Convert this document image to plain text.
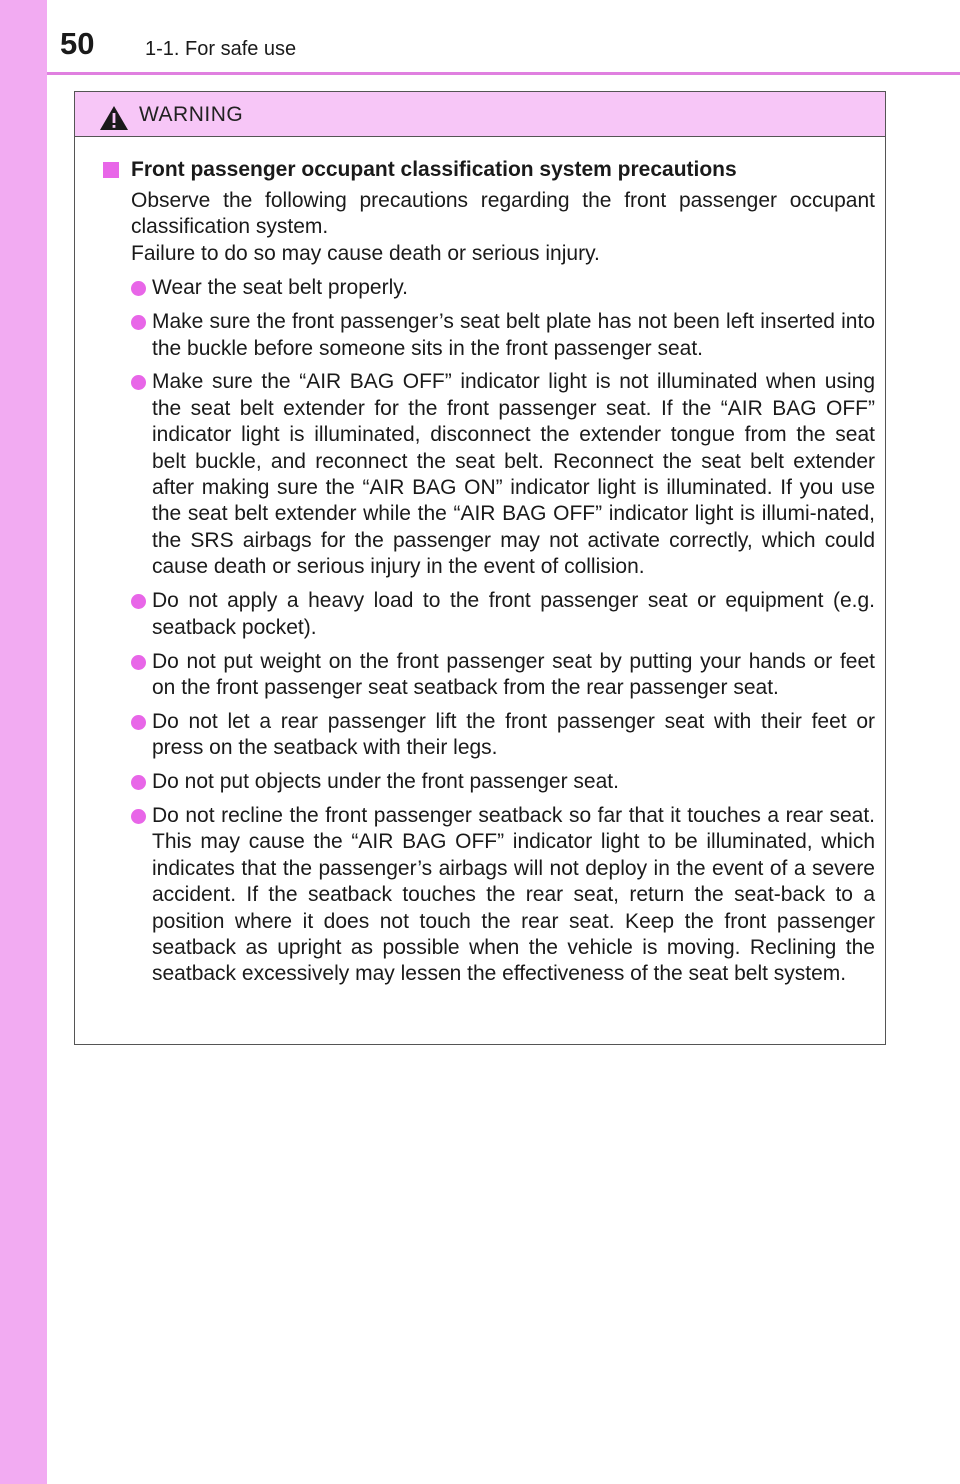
50	1-1. For safe use
WARNING
Front passenger occupant classification system precautions

Observe the following precautions regarding the front passenger occupant classification system.

Failure to do so may cause death or serious injury.

Wear the seat belt properly.
Make sure the front passenger’s seat belt plate has not been left inserted into the buckle before someone sits in the front passenger seat.
Make sure the “AIR BAG OFF” indicator light is not illuminated when using the seat belt extender for the front passenger seat. If the “AIR BAG OFF” indicator light is illuminated, disconnect the extender tongue from the seat belt buckle, and reconnect the seat belt. Reconnect the seat belt extender after making sure the “AIR BAG ON” indicator light is illuminated. If you use the seat belt extender while the “AIR BAG OFF” indicator light is illumi-nated, the SRS airbags for the passenger may not activate correctly, which could cause death or serious injury in the event of collision.
Do not apply a heavy load to the front passenger seat or equipment (e.g. seatback pocket).
Do not put weight on the front passenger seat by putting your hands or feet on the front passenger seat seatback from the rear passenger seat.
Do not let a rear passenger lift the front passenger seat with their feet or press on the seatback with their legs.
Do not put objects under the front passenger seat.
Do not recline the front passenger seatback so far that it touches a rear seat. This may cause the “AIR BAG OFF” indicator light to be illuminated, which indicates that the passenger’s airbags will not deploy in the event of a severe accident. If the seatback touches the rear seat, return the seat-back to a position where it does not touch the rear seat. Keep the front passenger seatback as upright as possible when the vehicle is moving. Reclining the seatback excessively may lessen the effectiveness of the seat belt system.
